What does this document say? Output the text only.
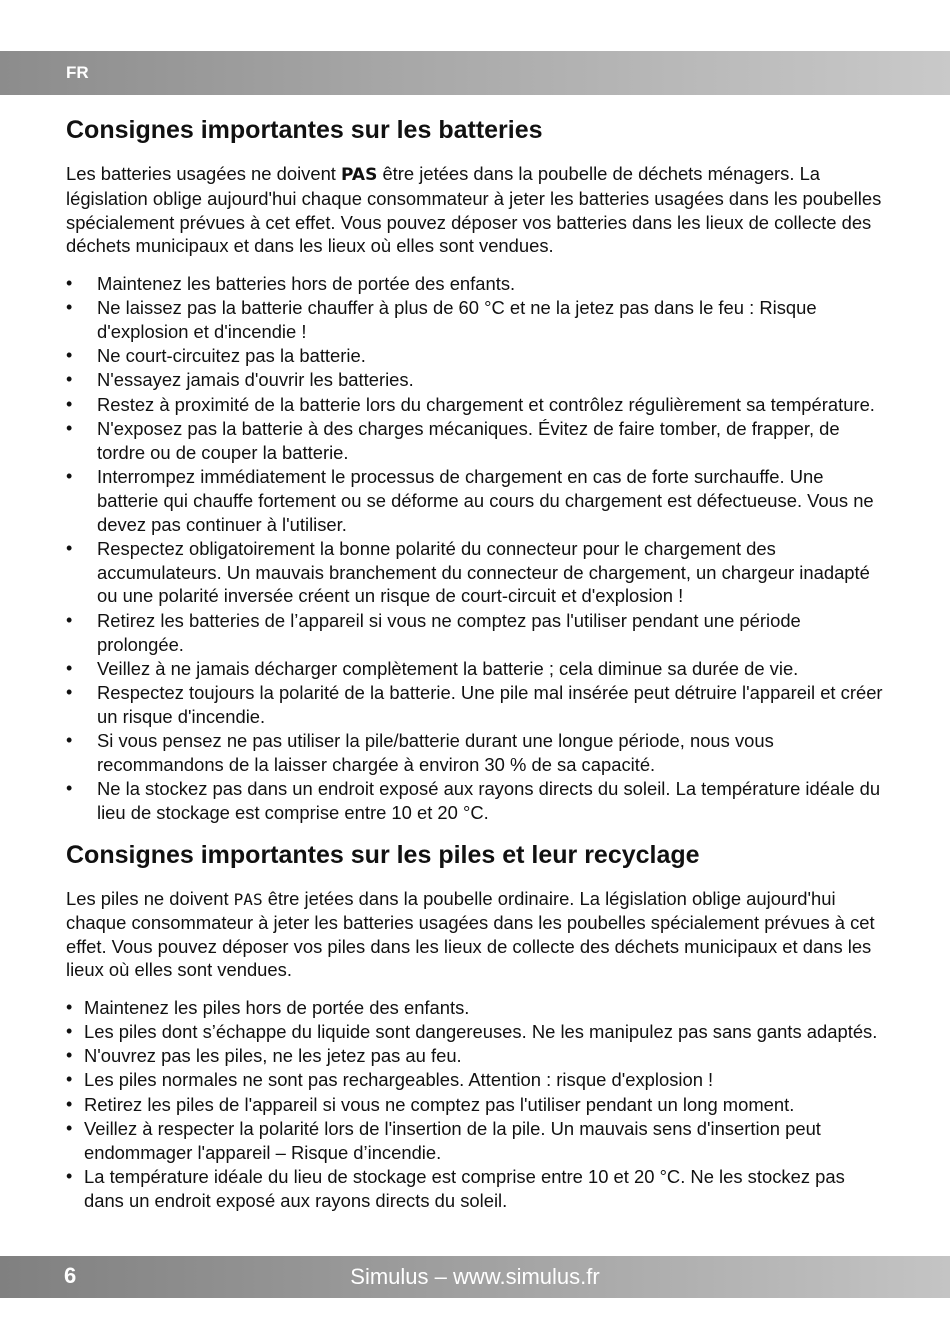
FR
Consignes importantes sur les batteries

Les batteries usagées ne doivent PAS être jetées dans la poubelle de déchets ménagers. La législation oblige aujourd'hui chaque consommateur à jeter les batteries usagées dans les poubelles spécialement prévues à cet effet. Vous pouvez déposer vos batteries dans les lieux de collecte des déchets municipaux et dans les lieux où elles sont vendues.

• Maintenez les batteries hors de portée des enfants.
• Ne laissez pas la batterie chauffer à plus de 60 °C et ne la jetez pas dans le feu : Risque d'explosion et d'incendie !
• Ne court-circuitez pas la batterie.
• N'essayez jamais d'ouvrir les batteries.
• Restez à proximité de la batterie lors du chargement et contrôlez régulièrement sa température.
• N'exposez pas la batterie à des charges mécaniques. Évitez de faire tomber, de frapper, de tordre ou de couper la batterie.
• Interrompez immédiatement le processus de chargement en cas de forte surchauffe. Une batterie qui chauffe fortement ou se déforme au cours du chargement est défectueuse. Vous ne devez pas continuer à l'utiliser.
• Respectez obligatoirement la bonne polarité du connecteur pour le chargement des accumulateurs. Un mauvais branchement du connecteur de chargement, un chargeur inadapté ou une polarité inversée créent un risque de court-circuit et d'explosion !
• Retirez les batteries de l’appareil si vous ne comptez pas l'utiliser pendant une période prolongée.
• Veillez à ne jamais décharger complètement la batterie ; cela diminue sa durée de vie.
• Respectez toujours la polarité de la batterie. Une pile mal insérée peut détruire l'appareil et créer un risque d'incendie.
• Si vous pensez ne pas utiliser la pile/batterie durant une longue période, nous vous recommandons de la laisser chargée à environ 30 % de sa capacité.
• Ne la stockez pas dans un endroit exposé aux rayons directs du soleil. La température idéale du lieu de stockage est comprise entre 10 et 20 °C.
Consignes importantes sur les piles et leur recyclage

Les piles ne doivent PAS être jetées dans la poubelle ordinaire. La législation oblige aujourd'hui chaque consommateur à jeter les batteries usagées dans les poubelles spécialement prévues à cet effet. Vous pouvez déposer vos piles dans les lieux de collecte des déchets municipaux et dans les lieux où elles sont vendues.

• Maintenez les piles hors de portée des enfants.
• Les piles dont s’échappe du liquide sont dangereuses. Ne les manipulez pas sans gants adaptés.
• N'ouvrez pas les piles, ne les jetez pas au feu.
• Les piles normales ne sont pas rechargeables. Attention : risque d'explosion !
• Retirez les piles de l'appareil si vous ne comptez pas l'utiliser pendant un long moment.
• Veillez à respecter la polarité lors de l'insertion de la pile. Un mauvais sens d'insertion peut endommager l'appareil – Risque d’incendie.
• La température idéale du lieu de stockage est comprise entre 10 et 20 °C. Ne les stockez pas dans un endroit exposé aux rayons directs du soleil.
6	Simulus – www.simulus.fr
